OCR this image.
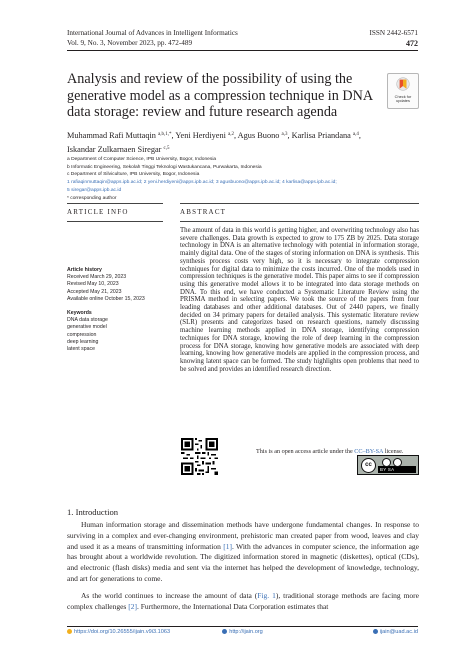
International Journal of Advances in Intelligent Informatics
Vol. 9, No. 3, November 2023, pp. 472-489
ISSN 2442-6571
472
Analysis and review of the possibility of using the generative model as a compression technique in DNA data storage: review and future research agenda
Check for updates
Muhammad Rafi Muttaqin $^{a,b,1,*}$, Yeni Herdiyeni $^{a,2}$, Agus Buono $^{a,3}$, Karlisa Priandana $^{a,4}$,
Iskandar Zulkarnaen Siregar $^{c,5}$
a Department of Computer Science, IPB University, Bogor, Indonesia
b Informatic Engineering, Sekolah Tinggi Teknologi Wastukancana, Purwakarta, Indonesia
c Department of Silviculture, IPB University, Bogor, Indonesia
1 rafiaqinmuttaqin@apps.ipb.ac.id; 2 yeni.herdiyeni@apps.ipb.ac.id; 3 agusbuono@apps.ipb.ac.id; 4 karlisa@apps.ipb.ac.id;
5 siregar@apps.ipb.ac.id
* corresponding author
ARTICLE INFO	ABSTRACT
Article history
Received March 29, 2023
Revised May 10, 2023
Accepted May 21, 2023
Available online October 15, 2023
Keywords
DNA data storage
generative model
compression
deep learning
latent space
The amount of data in this world is getting higher, and overwriting technology also has severe challenges. Data growth is expected to grow to 175 ZB by 2025. Data storage technology in DNA is an alternative technology with potential in information storage, mainly digital data. One of the stages of storing information on DNA is synthesis. This synthesis process costs very high, so it is necessary to integrate compression techniques for digital data to minimize the costs incurred. One of the models used in compression techniques is the generative model. This paper aims to see if compression using this generative model allows it to be integrated into data storage methods on DNA. To this end, we have conducted a Systematic Literature Review using the PRISMA method in selecting papers. We took the source of the papers from four leading databases and other additional databases. Out of 2440 papers, we finally decided on 34 primary papers for detailed analysis. This systematic literature review (SLR) presents and categorizes based on research questions, namely discussing machine learning methods applied in DNA storage, identifying compression techniques for DNA storage, knowing the role of deep learning in the compression process for DNA storage, knowing how generative models are associated with deep learning, knowing how generative models are applied in the compression process, and knowing latent space can be formed. The study highlights open problems that need to be solved and provides an identified research direction.
This is an open access article under the CC–BY-SA license.
cc
BY SA
1. Introduction
Human information storage and dissemination methods have undergone fundamental changes. In response to surviving in a complex and ever-changing environment, prehistoric man created paper from wood, leaves and clay and used it as a means of transmitting information [1]. With the advances in computer science, the information age has brought about a worldwide revolution. The digitized information stored in magnetic (diskettes), optical (CDs), and electronic (flash disks) media and sent via the internet has helped the development of knowledge, technology, and art for generations to come.
As the world continues to increase the amount of data (Fig. 1), traditional storage methods are facing more complex challenges [2]. Furthermore, the International Data Corporation estimates that
https://doi.org/10.26555/ijain.v9i3.1063	http://ijain.org	ijain@uad.ac.id
